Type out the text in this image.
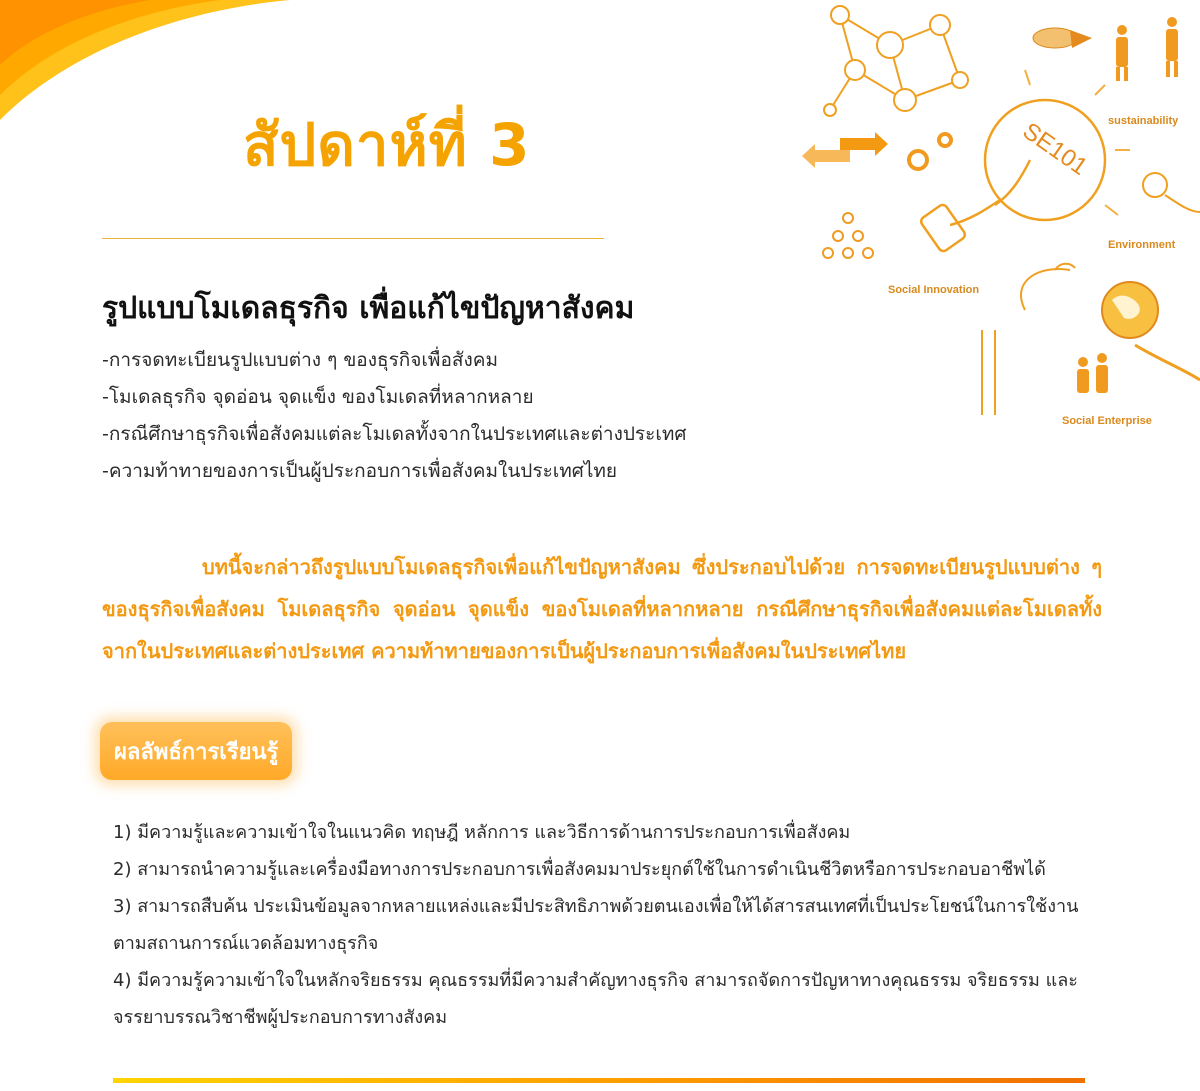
สัปดาห์ที่ 3
รูปแบบโมเดลธุรกิจ เพื่อแก้ไขปัญหาสังคม
-การจดทะเบียนรูปแบบต่าง ๆ ของธุรกิจเพื่อสังคม
-โมเดลธุรกิจ จุดอ่อน จุดแข็ง ของโมเดลที่หลากหลาย
-กรณีศึกษาธุรกิจเพื่อสังคมแต่ละโมเดลทั้งจากในประเทศและต่างประเทศ
-ความท้าทายของการเป็นผู้ประกอบการเพื่อสังคมในประเทศไทย

บทนี้จะกล่าวถึงรูปแบบโมเดลธุรกิจเพื่อแก้ไขปัญหาสังคม ซึ่งประกอบไปด้วย การจดทะเบียนรูปแบบต่าง ๆ ของธุรกิจเพื่อสังคม โมเดลธุรกิจ จุดอ่อน จุดแข็ง ของโมเดลที่หลากหลาย กรณีศึกษาธุรกิจเพื่อสังคมแต่ละโมเดลทั้งจากในประเทศและต่างประเทศ ความท้าทายของการเป็นผู้ประกอบการเพื่อสังคมในประเทศไทย

ผลลัพธ์การเรียนรู้
1) มีความรู้และความเข้าใจในแนวคิด ทฤษฎี หลักการ และวิธีการด้านการประกอบการเพื่อสังคม
2) สามารถนำความรู้และเครื่องมือทางการประกอบการเพื่อสังคมมาประยุกต์ใช้ในการดำเนินชีวิตหรือการประกอบอาชีพได้
3) สามารถสืบค้น ประเมินข้อมูลจากหลายแหล่งและมีประสิทธิภาพด้วยตนเองเพื่อให้ได้สารสนเทศที่เป็นประโยชน์ในการใช้งานตามสถานการณ์แวดล้อมทางธุรกิจ
4) มีความรู้ความเข้าใจในหลักจริยธรรม คุณธรรมที่มีความสำคัญทางธุรกิจ สามารถจัดการปัญหาทางคุณธรรม จริยธรรม และจรรยาบรรณวิชาชีพผู้ประกอบการทางสังคม
sustainability
SE101
Environment
Social Innovation
Social Enterprise
